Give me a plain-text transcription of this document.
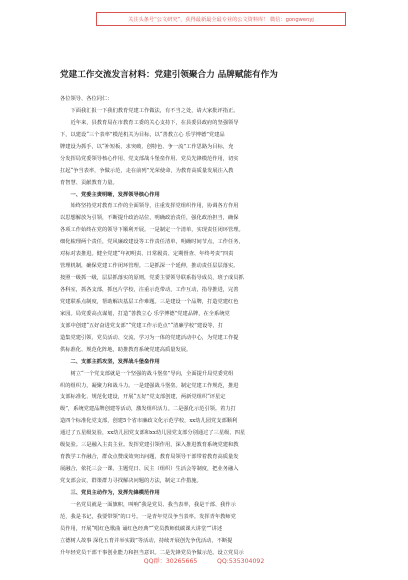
关注头条号“公文研究”，获得最新最全最专业的公文资料库！ 微信：gongwenyj
党建工作交流发言材料：党建引领聚合力 品牌赋能有作为
各位领导、各位同仁：
下面我汇报一下我们教育党建工作做法，有不当之处，请大家批评指正。
近年来，县教育局在市教育工委的关心支持下，在县委县政府的坚强领导
下，以建设“三个表率”模范机关为目标，以“善教立心 乐学博德”党建品
牌建设为抓手，以“补短板、求突破、创特色、争一流”工作思路为目标，充
分发挥局党委领导核心作用、党支部战斗堡垒作用、党员先锋模范作用，切实
扛起“争当表率，争做示范，走在前列”光荣使命，为教育高质量发展注入教
育智慧、贡献教育力量。
一、党委主责明晰，发挥领导核心作用
始终坚持党对教育工作的全面领导，注重发挥党组织作用，协调各方作用
以思想解放为引领，不断提升政治站位，明确政治责任，强化政治担当，确保
各项工作始终在党的领导下顺利开展。一是制定一个清单，实现责任闭环管理。
细化梳理两个责任，党风廉政建设等工作责任清单，明确时间节点，工作任务，
对标对表推进。健全党建“年初明责、日常履责、定期督查、年终考责”四责
管理机制，确保党建工作闭环管理。二是抓深一个延伸，推动责任层层落实。
按照一级抓一级，层层抓落实的原则，党委主要领导联系指导成员，班子成员抓
各科室，抓各支部，抓包片学校，注重示范带动，工作互动，指导推进，完善
党建联系点制度，帮助解决基层工作难题。三是建设一个品牌，打造党建红色
家园。局党委高点谋划，打造“善教立心 乐学博德”党建品牌，在全系统党
支部中创建“五好奋进党支部”“党建工作示范点”“清廉学校”建设等，打
造集党建引领、党员活动、交流、学习为一体的党建活动中心，为党建工作提
供标准化、规范化阵地，助推教育系统党建高质量发展。
二、支部主抓攻坚，发挥战斗堡垒作用
树立“一个党支部就是一个坚强的战斗堡垒”导向，全面提升局党委党组
织的组织力，凝聚力和战斗力。一是建强战斗堡垒。制定党建工作规范，推进
支部标准化、规范化建设，开展“五好”党支部创建，两新党组织“评星定
级”，系统党建品牌创建等活动，激发组织活力。二是强化示范引领。着力打
造四个标准化党支部，创建5个省市廉政文化示范学校，xx幼儿园党支部顺利
通过了五星级复验，xx幼儿园党支部和xx幼儿园党支部分别通过了三星级、四星
级复验。三是融入主责主业。发挥党建引领作用，深入推进教育系统党建和教
育教学工作融合，群众点赞成效突出问题，教育局领导干部带着教育高质量发
展融合，依托三会一课、主题党日、民主（组织）生活会等制度，把业务融入
党支部会议，群策群力寻找解决问题的方法，制定工作措施。
三、党员主动作为，发挥先锋模范作用
一名党员就是一面旗帜，叫响“我是党员、我当表率，我是干部、我作示
范，我是书记，我要带领”的口号。一是青年党员争当表率。发挥青年教师党
员作用，开展“唱红色歌曲 诵红色经典”“党员教师低碳课大讲堂”“讲述
立德树人故事 深化五育并举实践”等活动，持续开展创先争优活动，不断提
升年轻党员干部干事创业能力和担当意识。二是先锋党员争做示范。设立党员示
QQ群：30265665	QQ:535304092
